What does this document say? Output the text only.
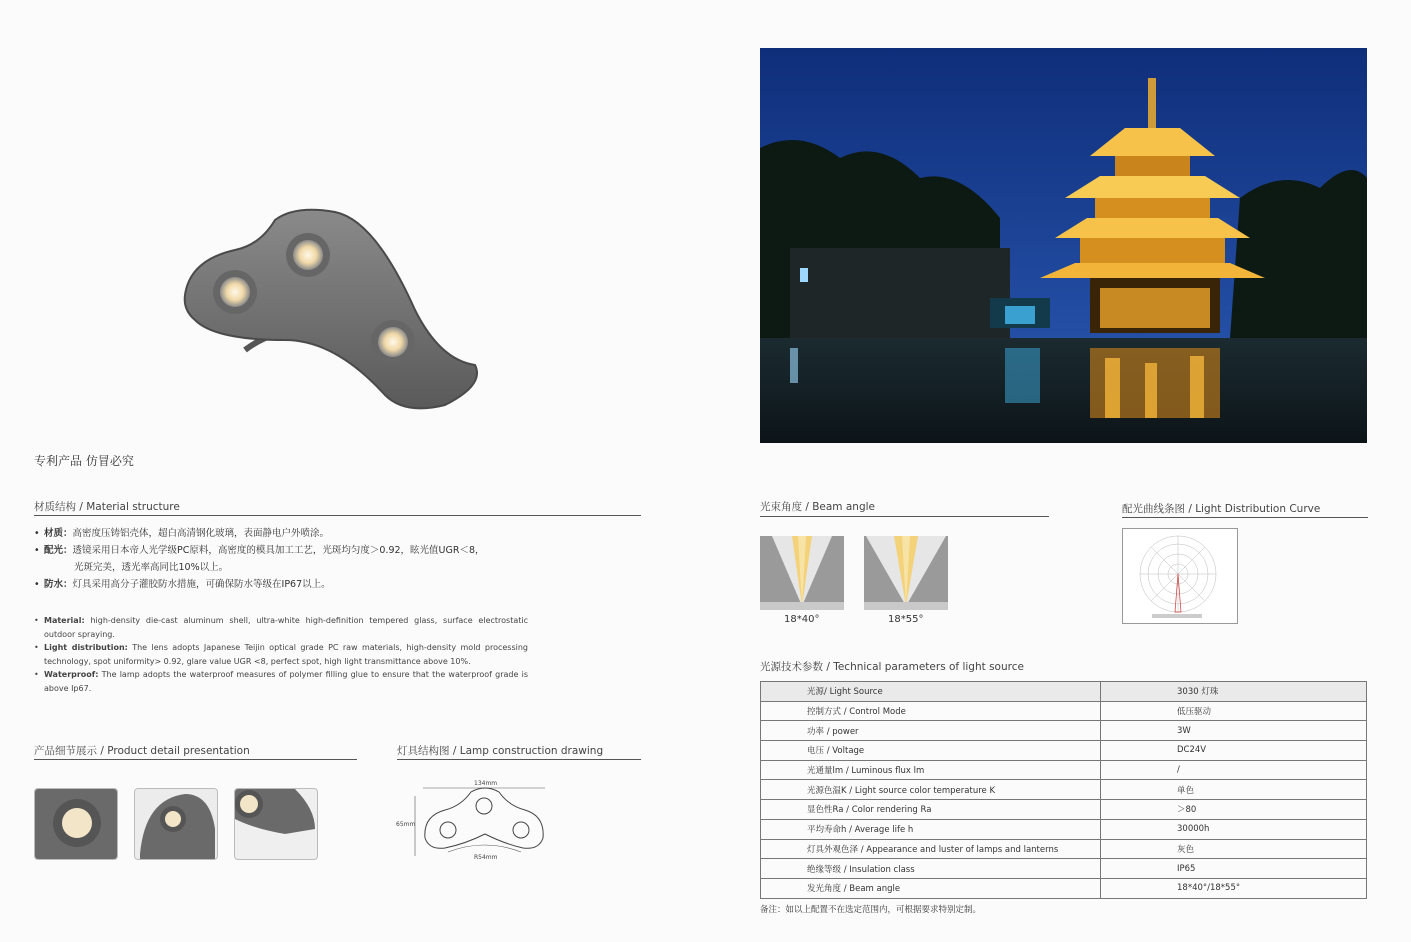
专利产品 仿冒必究
材质结构 / Material structure
• 材质：高密度压铸铝壳体，超白高清钢化玻璃，表面静电户外喷涂。
• 配光：透镜采用日本帝人光学级PC原料，高密度的模具加工工艺，光斑均匀度＞0.92，眩光值UGR＜8，
光斑完美，透光率高同比10%以上。
• 防水：灯具采用高分子灌胶防水措施，可确保防水等级在IP67以上。
• Material: high-density die-cast aluminum shell, ultra-white high-definition tempered glass, surface electrostatic outdoor spraying.
• Light distribution: The lens adopts Japanese Teijin optical grade PC raw materials, high-density mold processing technology, spot uniformity> 0.92, glare value UGR <8, perfect spot, high light transmittance above 10%.
• Waterproof: The lamp adopts the waterproof measures of polymer filling glue to ensure that the waterproof grade is above Ip67.
产品细节展示 / Product detail presentation	灯具结构图 / Lamp construction drawing
134mm
65mm
R54mm
光束角度 / Beam angle
18*40°	18*55°
配光曲线条图 / Light Distribution Curve
光源技术参数 / Technical parameters of light source
光源/ Light Source	3030 灯珠
控制方式 / Control Mode	低压驱动
功率 / power	3W
电压 / Voltage	DC24V
光通量lm / Luminous flux lm	/
光源色温K / Light source color temperature K	单色
显色性Ra / Color rendering Ra	＞80
平均寿命h / Average life h	30000h
灯具外观色泽 / Appearance and luster of lamps and lanterns	灰色
绝缘等级 / Insulation class	IP65
发光角度 / Beam angle	18*40°/18*55°
备注：如以上配置不在选定范围内，可根据要求特别定制。
